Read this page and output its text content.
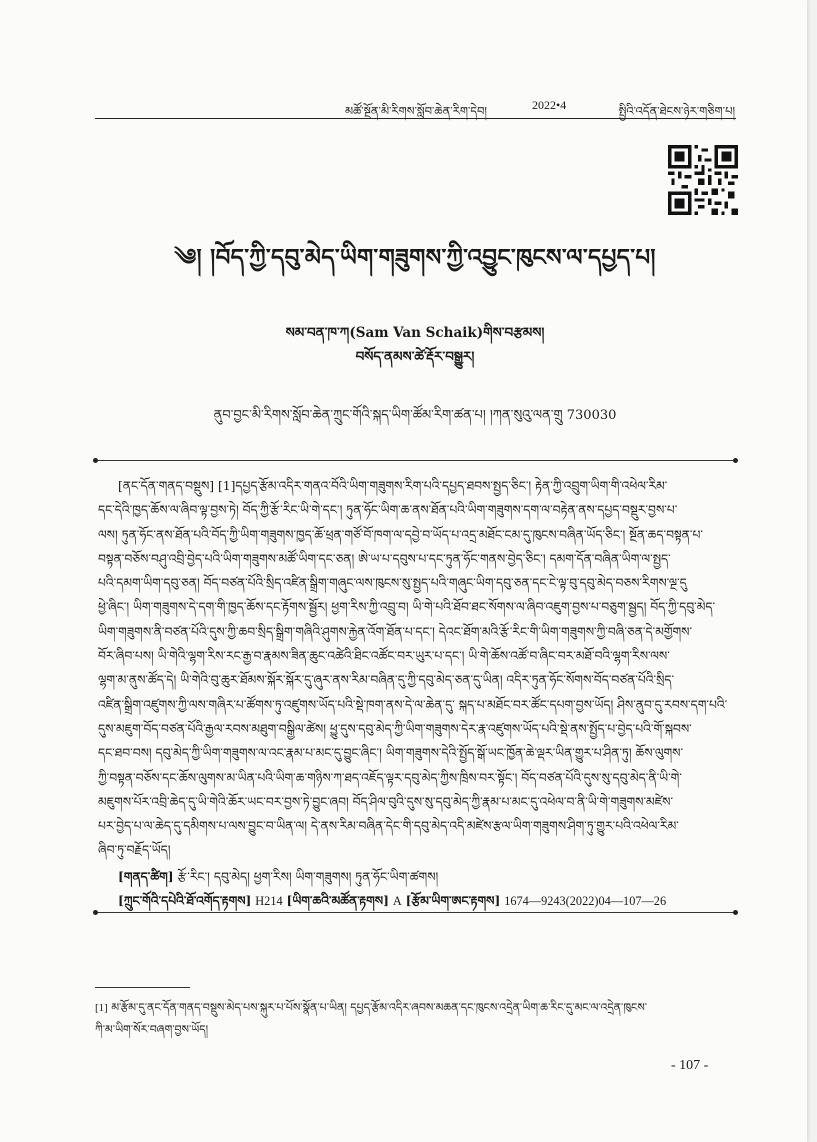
མཚོ་སྔོན་མི་རིགས་སློབ་ཆེན་རིག་དེབ།	2022•4	སྤྱིའི་འདོན་ཐེངས་ཉེར་གཅིག་པ།
༄། །བོད་ཀྱི་དབུ་མེད་ཡིག་གཟུགས་ཀྱི་འབྱུང་ཁུངས་ལ་དཔྱད་པ།
སམ་བན་ཁ་ཀ(Sam Van Schaik)གིས་བརྩམས།
བསོད་ནམས་ཚེ་རྡོར་བསྒྱུར།
ནུབ་བྱང་མི་རིགས་སློབ་ཆེན་ཀྲུང་གོའི་སྐད་ཡིག་ཚོམ་རིག་ཚན་པ། །ཀན་སུའུ་ལན་གྲུ 730030
[ནང་དོན་གནད་བསྡུས] [1]དཔྱད་རྩོམ་འདིར་གནའ་བོའི་ཡིག་གཟུགས་རིག་པའི་དཔྱད་ཐབས་སྤྱད་ཅིང་། རྟེན་ཀྱི་འབྲུག་ཡིག་གི་འཕེལ་རིམ་
དང་དེའི་ཁྱད་ཆོས་ལ་ཞིབ་ལྟ་བྱས་ཏེ། བོད་ཀྱི་རྩོ་རིང་ཡི་གེ་དང་། ཏུན་ཧོང་ཡིག་ཆ་ནས་ཐོན་པའི་ཡིག་གཟུགས་དག་ལ་བརྟེན་ནས་དཔྱད་བསྡུར་བྱས་པ་
ལས། ཏུན་ཧོང་ནས་ཐོན་པའི་བོད་ཀྱི་ཡིག་གཟུགས་ཁྱད་ཆོ་ཕྲན་གཙོ་བོ་ཁག་ལ་དབྱེ་བ་ཡོད་པ་འདྲ་མཐོང་ངམ་དུ་ཁུངས་བཞིན་ཡོད་ཅིང་། སྔོན་ཆད་བསྟན་པ་
བསྟན་བཅོས་བཤུ་འབྲི་བྱེད་པའི་ཡིག་གཟུགས་མཚོ་ཡིག་དང་ཅན། ཨེ་ཡ་པ་དབུས་པ་དང་ཏུན་ཧོང་གནས་བྱེད་ཅིང་། དམག་དོན་བཞིན་ཡིག་ལ་སྤྱད་
པའི་དམག་ཡིག་དབུ་ཅན། བོད་བཙན་པོའི་སྲིད་འཛིན་སྒྲིག་གཞུང་ལས་ཁུངས་སུ་སྤྱད་པའི་གཞུང་ཡིག་དབུ་ཅན་དང་ངེ་ལྟ་བུ་དབུ་མེད་བཅས་རིགས་ལྔ་དུ
ཕྱེ་ཞིང་། ཡིག་གཟུགས་དེ་དག་གི་ཁྱད་ཆོས་དང་རྟོགས་སྦྱོར། ཕྱག་རིས་ཀྱི་འབྲུ་བ། ཡི་གེ་པའི་ཐོབ་ཐང་སོགས་ལ་ཞིབ་འཇུག་བྱས་པ་བཅུག་སྦྱད། བོད་ཀྱི་དབུ་མེད་
ཡིག་གཟུགས་ནི་བཙན་པོའི་དུས་ཀྱི་ཆབ་སྲིད་སྒྲིག་གཞིའི་ཤུགས་རྐྱེན་འོག་ཐོན་པ་དང་། དེའང་ཐོག་མའི་རྩོ་རིང་གི་ཡིག་གཟུགས་ཀྱི་བཞི་ཅན་དེ་མགྱོགས་
བོར་ཞིབ་པས། ཡི་གེའི་ལྷག་རིས་རང་རྒྱ་བ་རྣམས་ཟིན་ཆུང་འཚེའི་ཐིང་འཚོང་བར་ཡུར་པ་དང་། ཡི་གེ་ཆོས་འཚོ་བ་ཞིང་བར་མཐོ་བའི་ལྷག་རིས་ལས་
ལྷག་མ་ནུས་ཚོད་དེ། ཡི་གེའི་བུ་ཆུར་ཐོམས་སྐོར་སྐོར་དུ་ཞུར་ནས་རིམ་བཞིན་དུ་ཀྱི་དབུ་མེད་ཅན་དུ་ཡིན། འདིར་ཏུན་ཧོང་སོགས་བོད་བཙན་པོའི་སྲིད་
འཛིན་སྒྲིག་འཛུགས་ཀྱི་ལས་གཞིར་པ་ཚོགས་ཏུ་འཛུགས་ཡོད་པའི་སྡེ་ཁག་ནས་དེ་ལ་ཆེན་དུ་ སྐད་པ་མཐོང་བར་ཚོང་དཔག་བྱས་ཡོད། ཤིས་ནུབ་དུ་རབས་དག་པའི་
དུས་མཇུག་བོད་བཙན་པོའི་རྒྱལ་རབས་མཐུག་བསྒྱིལ་ཚེས། ཕྱུ་དུས་དབུ་མེད་ཀྱི་ཡིག་གཟུགས་དེར་རྣ་འཛུགས་ཡོད་པའི་སྡེ་ནས་སྤྱོད་པ་བྱེད་པའི་གོ་སྐབས་
དང་ཐབ་བས། དབུ་མེད་ཀྱི་ཡིག་གཟུགས་ལ་འང་རྣམ་པ་མང་དུ་བྱུང་ཞིང་། ཡིག་གཟུགས་དེའི་སྤྱོད་སྒོ་ཡང་ཁྱོན་ཆེ་ལྡར་ཡིན་གྱུར་པ་ཤིན་ཏུ། ཆོས་ལུགས་
ཀྱི་བསྟན་བཅོས་དང་ཆོས་ལུགས་མ་ཡིན་པའི་ཡིག་ཆ་གཉིས་ཀ་ཐད་འཇོད་ལྟར་དབུ་མེད་ཀྱིས་ཁྲིས་བར་སྟོང་། བོད་བཙན་པོའི་དུས་སུ་དབུ་མེད་ནི་ཡི་གེ་
མཇུགས་པོར་འབྲི་ཆེད་དུ་ཡི་གེའི་ཆོར་ཡང་བར་བྱས་ཏེ་བྱུང་ཞབ། བོད་ཤིལ་བུའི་དུས་སུ་དབུ་མེད་ཀྱི་རྣམ་པ་མང་དུ་འཕེལ་བ་ནི་ཡི་གེ་གཟུགས་མཛེས་
པར་བྱེད་པ་ལ་ཆེད་དུ་དམིགས་པ་ལས་བྱུང་བ་ཡིན་ལ། དེ་ནས་རིམ་བཞིན་དེང་གི་དབུ་མེད་འདི་མཛེས་རྩལ་ཡིག་གཟུགས་ཤིག་ཏུ་གྱུར་པའི་འཕེལ་རིམ་
ཞིབ་ཏུ་བརྗོད་ཡོད།
[གནད་ཚིག] རྩོ་རིང་། དབུ་མེད། ཕྱག་རིས། ཡིག་གཟུགས། ཏུན་ཧོང་ཡིག་ཚགས།
[ཀྲུང་གོའི་དཔེའི་ཐོ་འགོད་རྟགས] H214 [ཡིག་ཆའི་མཚོན་རྟགས] A [རྩོམ་ཡིག་ཨང་རྟགས] 1674—9243(2022)04—107—26
[1] མ་རྩོམ་དུ་ནང་དོན་གནད་བསྡུས་མེད་པས་སྐུར་པ་པོས་སྣོན་པ་ཡིན། དཔྱད་རྩོམ་འདིར་ཞབས་མཆན་དང་ཁུངས་འདྲེན་ཡིག་ཆ་རིང་དུ་མང་ལ་འདྲེན་ཁུངས་
ཀི་མ་ཡིག་སོར་བཞག་བྱས་ཡོད།
- 107 -
